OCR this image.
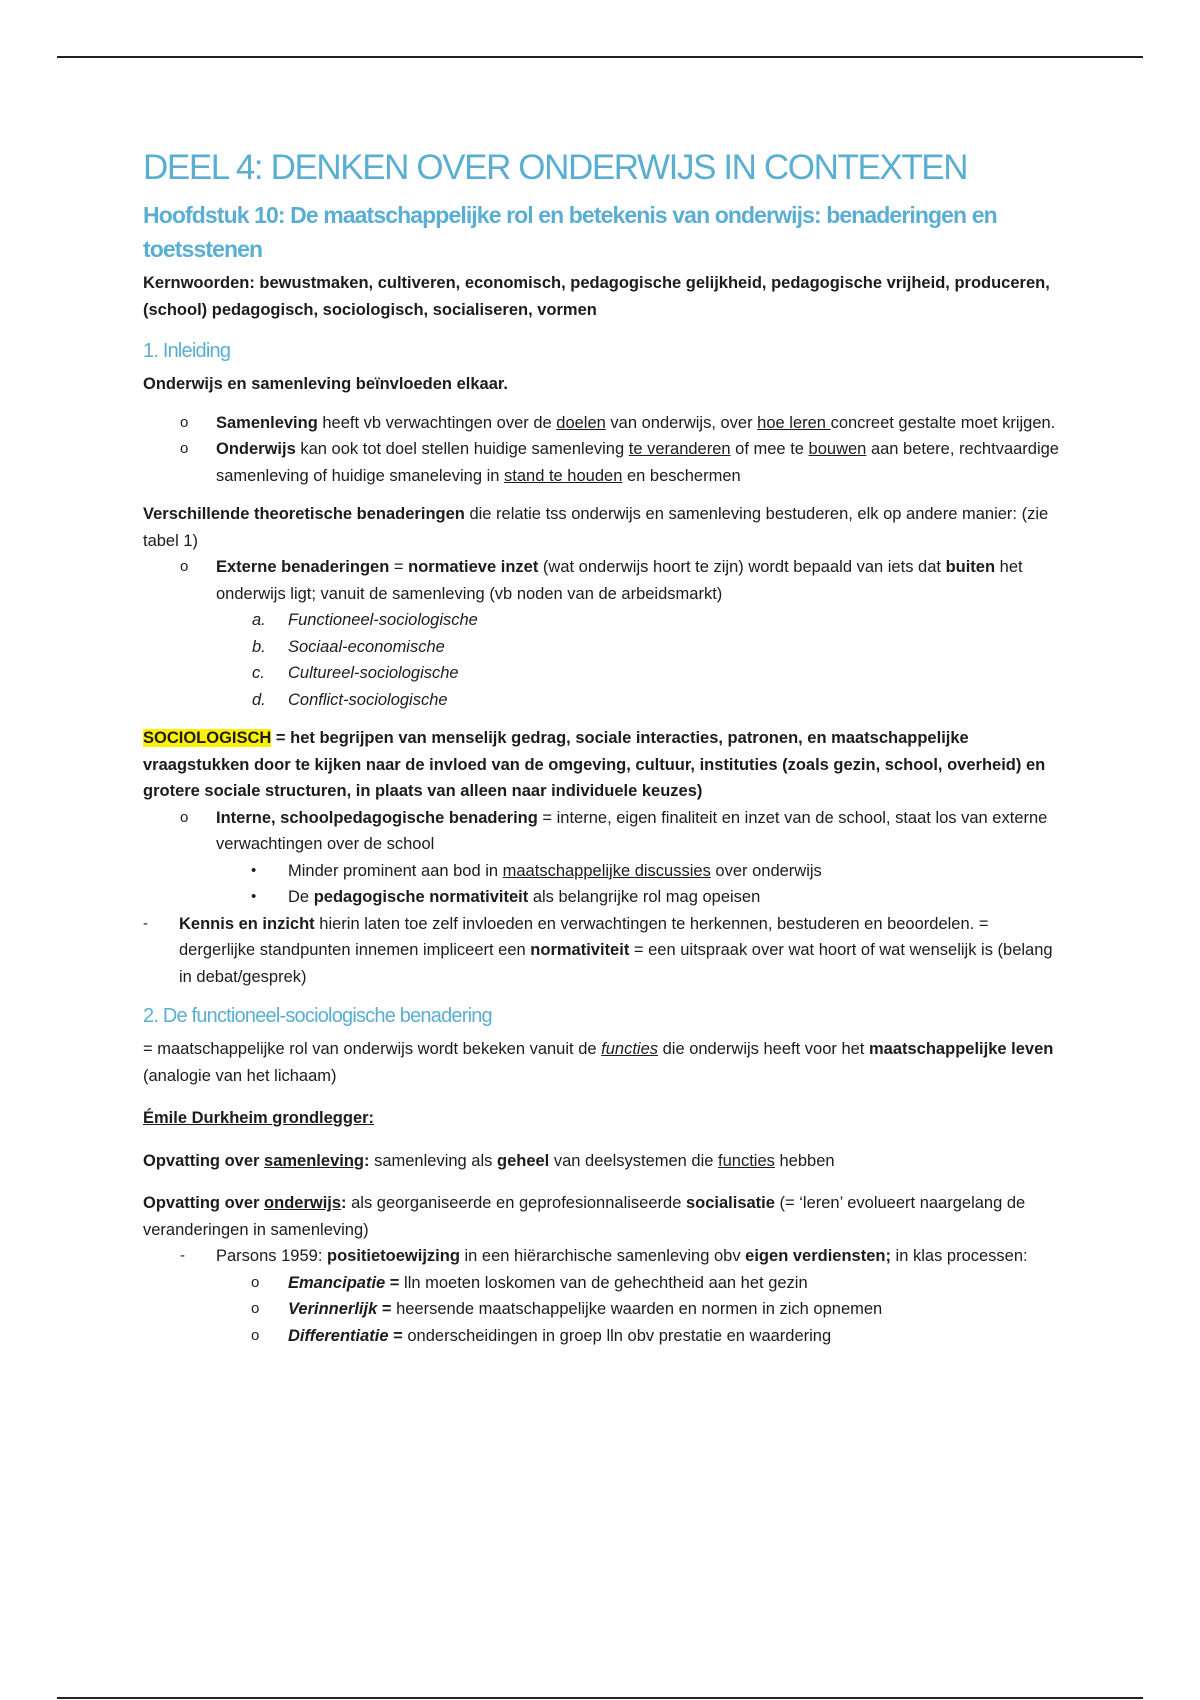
DEEL 4: DENKEN OVER ONDERWIJS IN CONTEXTEN
Hoofdstuk 10: De maatschappelijke rol en betekenis van onderwijs: benaderingen en toetsstenen

Kernwoorden: bewustmaken, cultiveren, economisch, pedagogische gelijkheid, pedagogische vrijheid, produceren, (school) pedagogisch, sociologisch, socialiseren, vormen

1. Inleiding

Onderwijs en samenleving beïnvloeden elkaar.

o Samenleving heeft vb verwachtingen over de doelen van onderwijs, over hoe leren concreet gestalte moet krijgen.
o Onderwijs kan ook tot doel stellen huidige samenleving te veranderen of mee te bouwen aan betere, rechtvaardige samenleving of huidige smaneleving in stand te houden en beschermen

Verschillende theoretische benaderingen die relatie tss onderwijs en samenleving bestuderen, elk op andere manier: (zie tabel 1)

o Externe benaderingen = normatieve inzet (wat onderwijs hoort te zijn) wordt bepaald van iets dat buiten het onderwijs ligt; vanuit de samenleving (vb noden van de arbeidsmarkt)
a. Functioneel-sociologische
b. Sociaal-economische
c. Cultureel-sociologische
d. Conflict-sociologische

SOCIOLOGISCH = het begrijpen van menselijk gedrag, sociale interacties, patronen, en maatschappelijke vraagstukken door te kijken naar de invloed van de omgeving, cultuur, instituties (zoals gezin, school, overheid) en grotere sociale structuren, in plaats van alleen naar individuele keuzes)

o Interne, schoolpedagogische benadering = interne, eigen finaliteit en inzet van de school, staat los van externe verwachtingen over de school
• Minder prominent aan bod in maatschappelijke discussies over onderwijs
• De pedagogische normativiteit als belangrijke rol mag opeisen
- Kennis en inzicht hierin laten toe zelf invloeden en verwachtingen te herkennen, bestuderen en beoordelen. = dergerlijke standpunten innemen impliceert een normativiteit = een uitspraak over wat hoort of wat wenselijk is (belang in debat/gesprek)
2. De functioneel-sociologische benadering

= maatschappelijke rol van onderwijs wordt bekeken vanuit de functies die onderwijs heeft voor het maatschappelijke leven (analogie van het lichaam)

Émile Durkheim grondlegger:

Opvatting over samenleving: samenleving als geheel van deelsystemen die functies hebben

Opvatting over onderwijs: als georganiseerde en geprofesionnaliseerde socialisatie (= ‘leren’ evolueert naargelang de veranderingen in samenleving)

- Parsons 1959: positietoewijzing in een hiërarchische samenleving obv eigen verdiensten; in klas processen:
o Emancipatie = lln moeten loskomen van de gehechtheid aan het gezin
o Verinnerlijk = heersende maatschappelijke waarden en normen in zich opnemen
o Differentiatie = onderscheidingen in groep lln obv prestatie en waardering
